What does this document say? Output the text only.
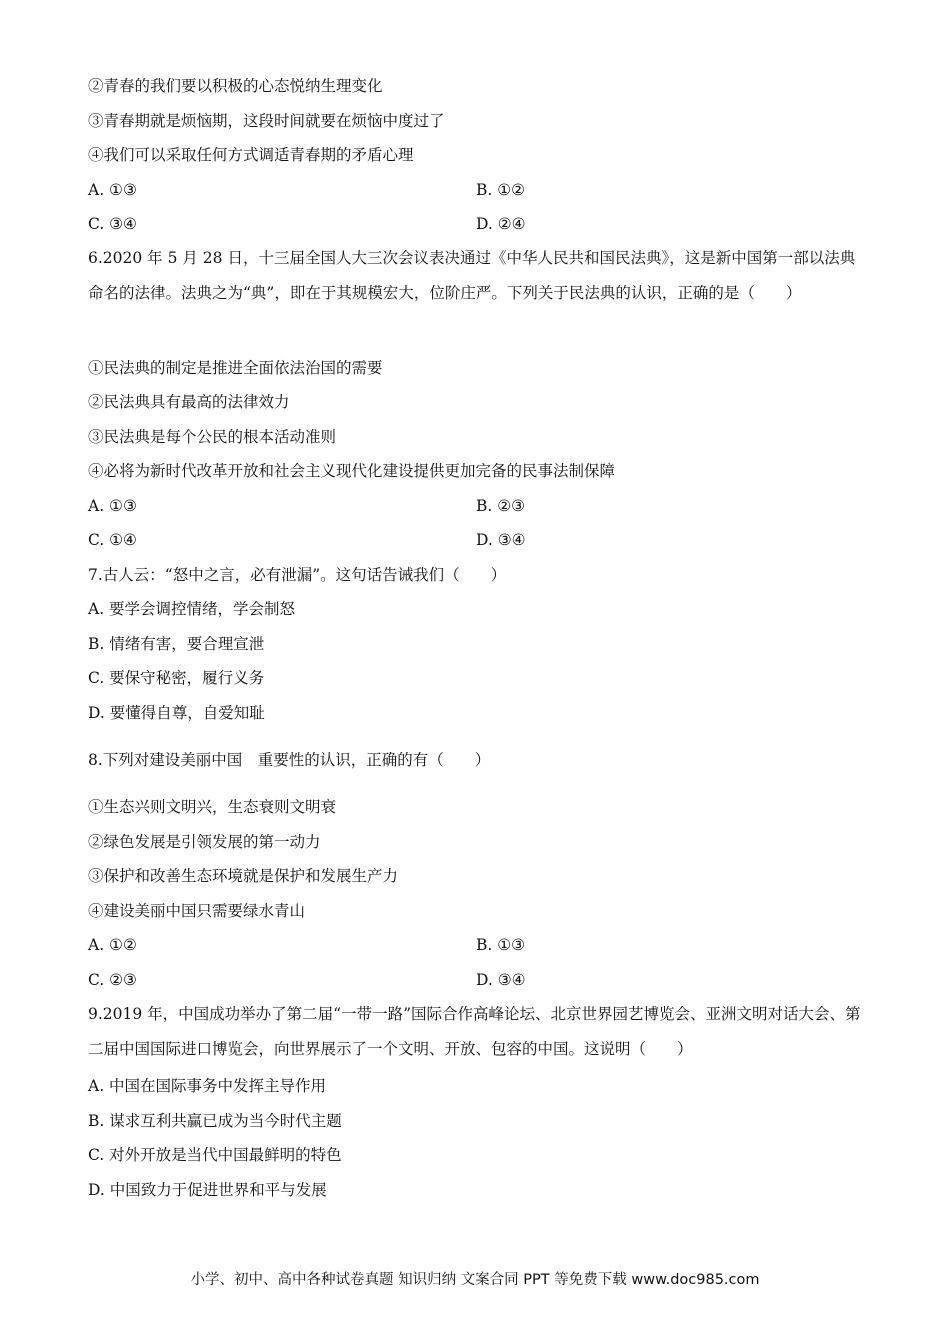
②青春的我们要以积极的心态悦纳生理变化
③青春期就是烦恼期，这段时间就要在烦恼中度过了
④我们可以采取任何方式调适青春期的矛盾心理
A. ①③	B. ①②
C. ③④	D. ②④
6.2020 年 5 月 28 日，十三届全国人大三次会议表决通过《中华人民共和国民法典》，这是新中国第一部以法典命名的法律。法典之为“典”，即在于其规模宏大，位阶庄严。下列关于民法典的认识，正确的是（　　）
①民法典的制定是推进全面依法治国的需要
②民法典具有最高的法律效力
③民法典是每个公民的根本活动准则
④必将为新时代改革开放和社会主义现代化建设提供更加完备的民事法制保障
A. ①③	B. ②③
C. ①④	D. ③④
7.古人云：“怒中之言，必有泄漏”。这句话告诫我们（　　）
A. 要学会调控情绪，学会制怒
B. 情绪有害，要合理宣泄
C. 要保守秘密，履行义务
D. 要懂得自尊，自爱知耻
8.下列对建设美丽中国　重要性的认识，正确的有（　　）
①生态兴则文明兴，生态衰则文明衰
②绿色发展是引领发展的第一动力
③保护和改善生态环境就是保护和发展生产力
④建设美丽中国只需要绿水青山
A. ①②	B. ①③
C. ②③	D. ③④
9.2019 年，中国成功举办了第二届“一带一路”国际合作高峰论坛、北京世界园艺博览会、亚洲文明对话大会、第二届中国国际进口博览会，向世界展示了一个文明、开放、包容的中国。这说明（　　）
A. 中国在国际事务中发挥主导作用
B. 谋求互利共赢已成为当今时代主题
C. 对外开放是当代中国最鲜明的特色
D. 中国致力于促进世界和平与发展
小学、初中、高中各种试卷真题 知识归纳 文案合同 PPT 等免费下载 www.doc985.com
